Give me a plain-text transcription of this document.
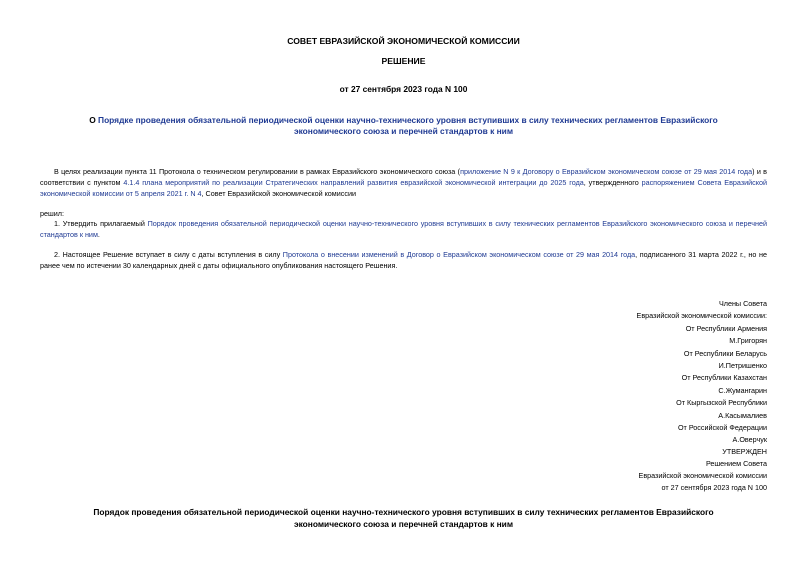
СОВЕТ ЕВРАЗИЙСКОЙ ЭКОНОМИЧЕСКОЙ КОМИССИИ
РЕШЕНИЕ
от 27 сентября 2023 года N 100
О Порядке проведения обязательной периодической оценки научно-технического уровня вступивших в силу технических регламентов Евразийского экономического союза и перечней стандартов к ним
В целях реализации пункта 11 Протокола о техническом регулировании в рамках Евразийского экономического союза (приложение N 9 к Договору о Евразийском экономическом союзе от 29 мая 2014 года) и в соответствии с пунктом 4.1.4 плана мероприятий по реализации Стратегических направлений развития евразийской экономической интеграции до 2025 года, утвержденного распоряжением Совета Евразийской экономической комиссии от 5 апреля 2021 г. N 4, Совет Евразийской экономической комиссии
решил:
1. Утвердить прилагаемый Порядок проведения обязательной периодической оценки научно-технического уровня вступивших в силу технических регламентов Евразийского экономического союза и перечней стандартов к ним.
2. Настоящее Решение вступает в силу с даты вступления в силу Протокола о внесении изменений в Договор о Евразийском экономическом союзе от 29 мая 2014 года, подписанного 31 марта 2022 г., но не ранее чем по истечении 30 календарных дней с даты официального опубликования настоящего Решения.
Члены Совета
Евразийской экономической комиссии:
От Республики Армения
М.Григорян
От Республики Беларусь
И.Петришенко
От Республики Казахстан
С.Жумангарин
От Кыргызской Республики
А.Касымалиев
От Российской Федерации
А.Оверчук
УТВЕРЖДЕН
Решением Совета
Евразийской экономической комиссии
от 27 сентября 2023 года N 100
Порядок проведения обязательной периодической оценки научно-технического уровня вступивших в силу технических регламентов Евразийского экономического союза и перечней стандартов к ним
